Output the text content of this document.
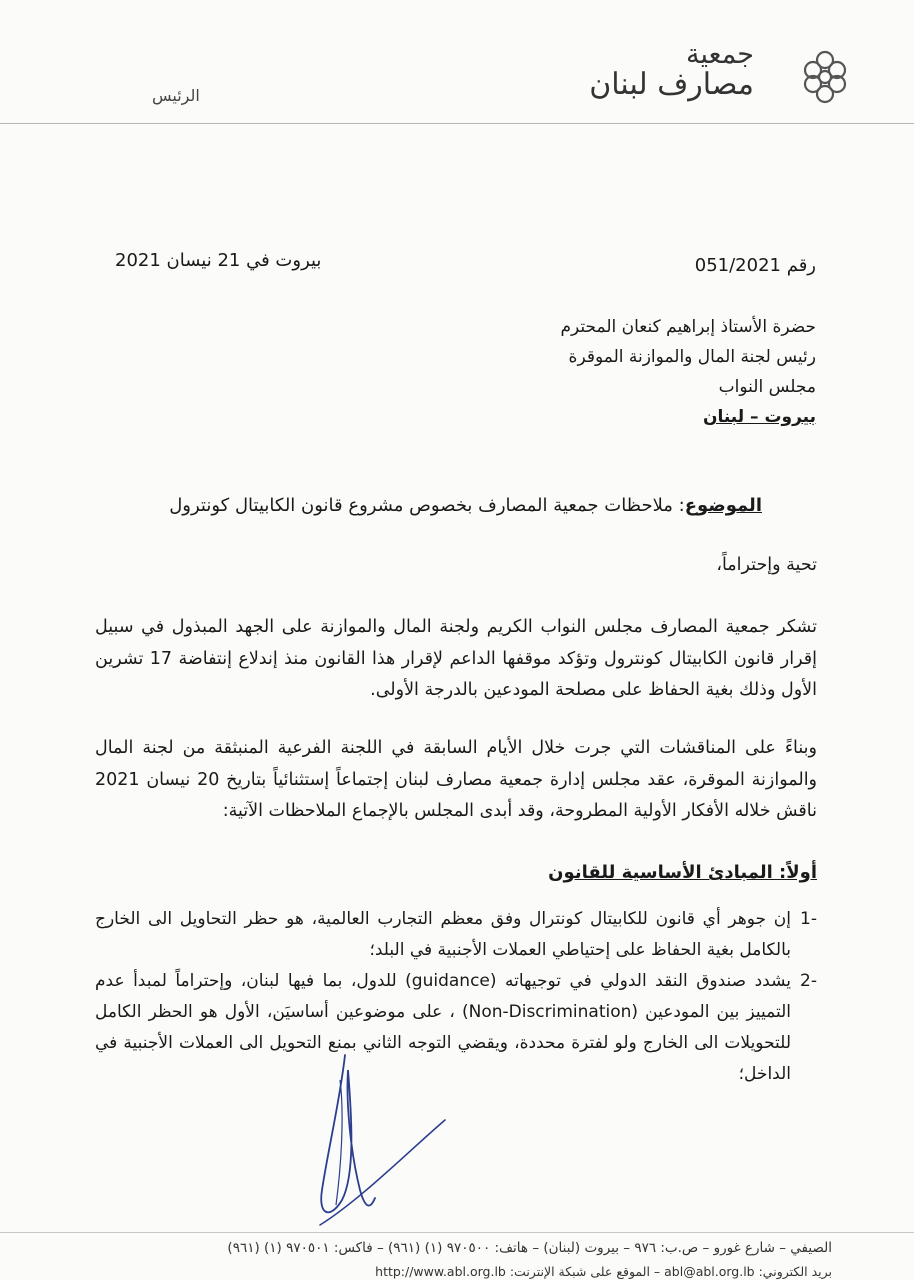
جمعية
مصارف لبنان
الرئيس
رقم 051/2021
بيروت في 21 نيسان 2021
حضرة الأستاذ إبراهيم كنعان المحترم
رئيس لجنة المال والموازنة الموقرة
مجلس النواب
بيروت – لبنان
الموضوع: ملاحظات جمعية المصارف بخصوص مشروع قانون الكابيتال كونترول
تحية وإحتراماً،
تشكر جمعية المصارف مجلس النواب الكريم ولجنة المال والموازنة على الجهد المبذول في سبيل إقرار قانون الكابيتال كونترول وتؤكد موقفها الداعم لإقرار هذا القانون منذ إندلاع إنتفاضة 17 تشرين الأول وذلك بغية الحفاظ على مصلحة المودعين بالدرجة الأولى.
وبناءً على المناقشات التي جرت خلال الأيام السابقة في اللجنة الفرعية المنبثقة من لجنة المال والموازنة الموقرة، عقد مجلس إدارة جمعية مصارف لبنان إجتماعاً إستثنائياً بتاريخ 20 نيسان 2021 ناقش خلاله الأفكار الأولية المطروحة، وقد أبدى المجلس بالإجماع الملاحظات الآتية:
أولاً: المبادئ الأساسية للقانون
-1
إن جوهر أي قانون للكابيتال كونترال وفق معظم التجارب العالمية، هو حظر التحاويل الى الخارج بالكامل بغية الحفاظ على إحتياطي العملات الأجنبية في البلد؛
-2
يشدد صندوق النقد الدولي في توجيهاته (guidance) للدول، بما فيها لبنان، وإحتراماً لمبدأ عدم التمييز بين المودعين (Non-Discrimination) ، على موضوعين أساسيَن، الأول هو الحظر الكامل للتحويلات الى الخارج ولو لفترة محددة، ويقضي التوجه الثاني بمنع التحويل الى العملات الأجنبية في الداخل؛
الصيفي – شارع غورو – ص.ب: ٩٧٦ – بيروت (لبنان) – هاتف: ٩٧٠٥٠٠ (١) (٩٦١) – فاكس: ٩٧٠٥٠١ (١) (٩٦١)
بريد الكتروني: abl@abl.org.lb – الموقع على شبكة الإنترنت: http://www.abl.org.lb
